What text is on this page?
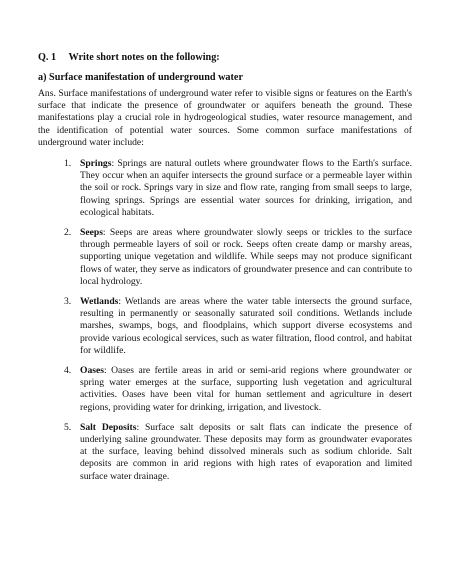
Q. 1 Write short notes on the following:
a) Surface manifestation of underground water

Ans. Surface manifestations of underground water refer to visible signs or features on the Earth's surface that indicate the presence of groundwater or aquifers beneath the ground. These manifestations play a crucial role in hydrogeological studies, water resource management, and the identification of potential water sources. Some common surface manifestations of underground water include:

1. Springs: Springs are natural outlets where groundwater flows to the Earth's surface. They occur when an aquifer intersects the ground surface or a permeable layer within the soil or rock. Springs vary in size and flow rate, ranging from small seeps to large, flowing springs. Springs are essential water sources for drinking, irrigation, and ecological habitats.
2. Seeps: Seeps are areas where groundwater slowly seeps or trickles to the surface through permeable layers of soil or rock. Seeps often create damp or marshy areas, supporting unique vegetation and wildlife. While seeps may not produce significant flows of water, they serve as indicators of groundwater presence and can contribute to local hydrology.
3. Wetlands: Wetlands are areas where the water table intersects the ground surface, resulting in permanently or seasonally saturated soil conditions. Wetlands include marshes, swamps, bogs, and floodplains, which support diverse ecosystems and provide various ecological services, such as water filtration, flood control, and habitat for wildlife.
4. Oases: Oases are fertile areas in arid or semi-arid regions where groundwater or spring water emerges at the surface, supporting lush vegetation and agricultural activities. Oases have been vital for human settlement and agriculture in desert regions, providing water for drinking, irrigation, and livestock.
5. Salt Deposits: Surface salt deposits or salt flats can indicate the presence of underlying saline groundwater. These deposits may form as groundwater evaporates at the surface, leaving behind dissolved minerals such as sodium chloride. Salt deposits are common in arid regions with high rates of evaporation and limited surface water drainage.
